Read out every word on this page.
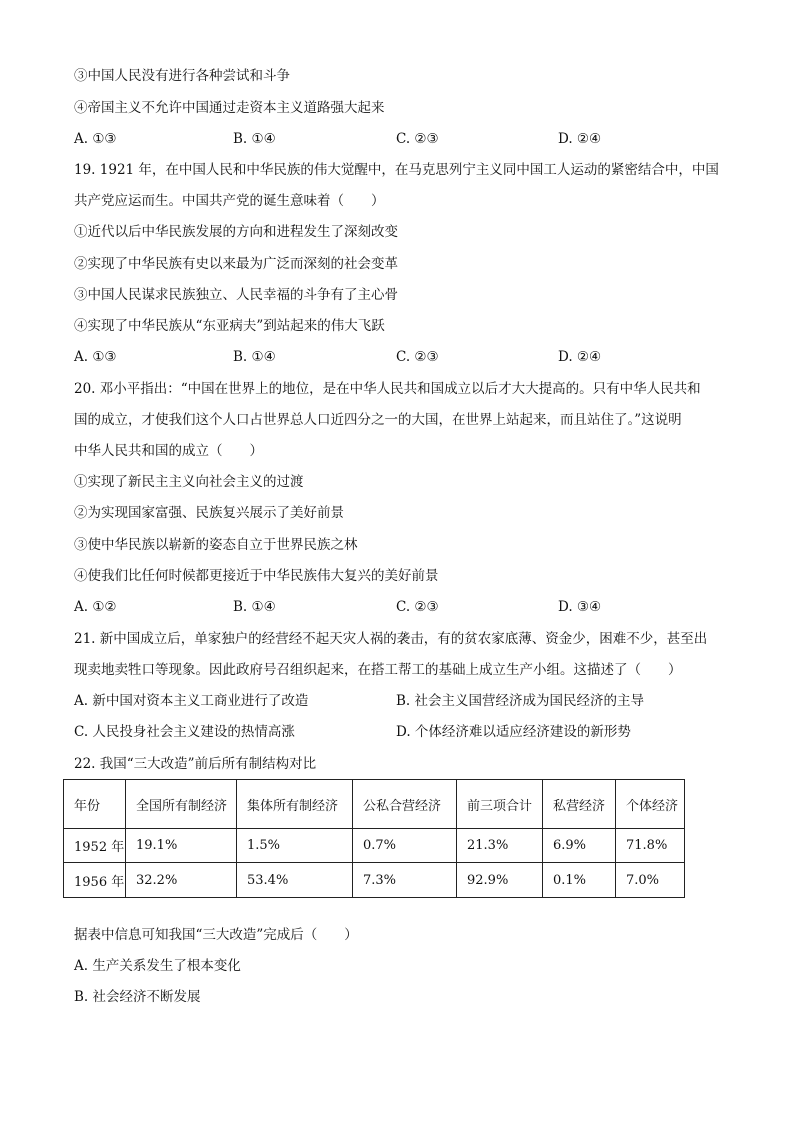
③中国人民没有进行各种尝试和斗争
④帝国主义不允许中国通过走资本主义道路强大起来
A. ①③	B. ①④	C. ②③	D. ②④
19. 1921 年，在中国人民和中华民族的伟大觉醒中，在马克思列宁主义同中国工人运动的紧密结合中，中国
共产党应运而生。中国共产党的诞生意味着（　　）
①近代以后中华民族发展的方向和进程发生了深刻改变
②实现了中华民族有史以来最为广泛而深刻的社会变革
③中国人民谋求民族独立、人民幸福的斗争有了主心骨
④实现了中华民族从“东亚病夫”到站起来的伟大飞跃
A. ①③	B. ①④	C. ②③	D. ②④
20. 邓小平指出：“中国在世界上的地位，是在中华人民共和国成立以后才大大提高的。只有中华人民共和
国的成立，才使我们这个人口占世界总人口近四分之一的大国，在世界上站起来，而且站住了。”这说明
中华人民共和国的成立（　　）
①实现了新民主主义向社会主义的过渡
②为实现国家富强、民族复兴展示了美好前景
③使中华民族以崭新的姿态自立于世界民族之林
④使我们比任何时候都更接近于中华民族伟大复兴的美好前景
A. ①②	B. ①④	C. ②③	D. ③④
21. 新中国成立后，单家独户的经营经不起天灾人祸的袭击，有的贫农家底薄、资金少，困难不少，甚至出
现卖地卖牲口等现象。因此政府号召组织起来，在搭工帮工的基础上成立生产小组。这描述了（　　）
A. 新中国对资本主义工商业进行了改造	B. 社会主义国营经济成为国民经济的主导
C. 人民投身社会主义建设的热情高涨	D. 个体经济难以适应经济建设的新形势
22. 我国“三大改造”前后所有制结构对比
年份	全国所有制经济	集体所有制经济	公私合营经济	前三项合计	私营经济	个体经济
1952 年	19.1%	1.5%	0.7%	21.3%	6.9%	71.8%
1956 年	32.2%	53.4%	7.3%	92.9%	0.1%	7.0%
据表中信息可知我国“三大改造”完成后（　　）
A. 生产关系发生了根本变化
B. 社会经济不断发展
